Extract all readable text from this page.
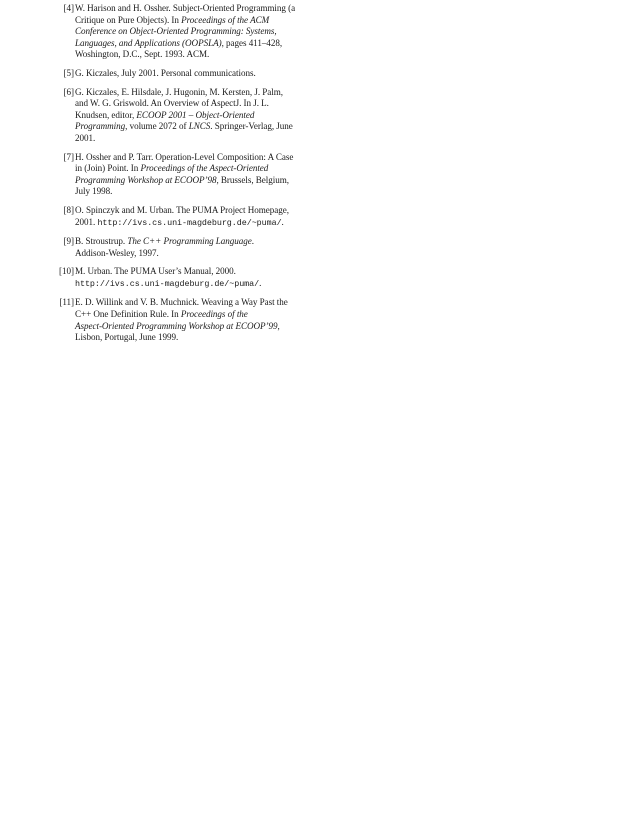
[4] W. Harison and H. Ossher. Subject-Oriented Programming (a
Critique on Pure Objects). In Proceedings of the ACM
Conference on Object-Oriented Programming: Systems,
Languages, and Applications (OOPSLA), pages 411–428,
Woshington, D.C., Sept. 1993. ACM.
[5] G. Kiczales, July 2001. Personal communications.
[6] G. Kiczales, E. Hilsdale, J. Hugonin, M. Kersten, J. Palm,
and W. G. Griswold. An Overview of AspectJ. In J. L.
Knudsen, editor, ECOOP 2001 – Object-Oriented
Programming, volume 2072 of LNCS. Springer-Verlag, June
2001.
[7] H. Ossher and P. Tarr. Operation-Level Composition: A Case
in (Join) Point. In Proceedings of the Aspect-Oriented
Programming Workshop at ECOOP’98, Brussels, Belgium,
July 1998.
[8] O. Spinczyk and M. Urban. The PUMA Project Homepage,
2001. http://ivs.cs.uni-magdeburg.de/~puma/.
[9] B. Stroustrup. The C++ Programming Language.
Addison-Wesley, 1997.
[10] M. Urban. The PUMA User’s Manual, 2000.
http://ivs.cs.uni-magdeburg.de/~puma/.
[11] E. D. Willink and V. B. Muchnick. Weaving a Way Past the
C++ One Definition Rule. In Proceedings of the
Aspect-Oriented Programming Workshop at ECOOP’99,
Lisbon, Portugal, June 1999.
